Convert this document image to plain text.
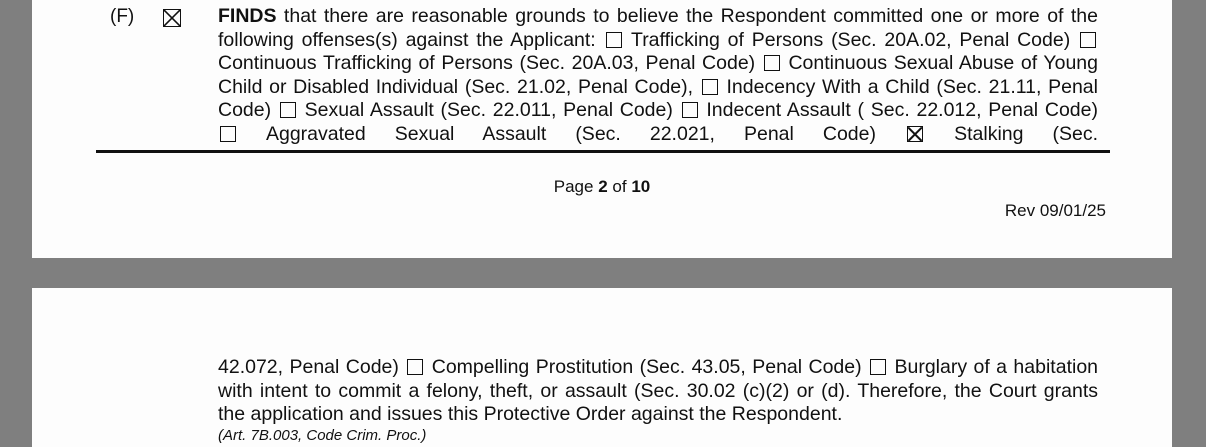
(F)	FINDS that there are reasonable grounds to believe the Respondent committed one or more of the following offenses(s) against the Applicant: Trafficking of Persons (Sec. 20A.02, Penal Code)  Continuous Trafficking of Persons (Sec. 20A.03, Penal Code) Continuous Sexual Abuse of Young Child or Disabled Individual (Sec. 21.02, Penal Code), Indecency With a Child (Sec. 21.11, Penal Code) Sexual Assault (Sec. 22.011, Penal Code) Indecent Assault ( Sec. 22.012, Penal Code)  Aggravated Sexual Assault (Sec. 22.021, Penal Code)	Stalking (Sec.
Page 2 of 10
Rev 09/01/25
42.072, Penal Code) Compelling Prostitution (Sec. 43.05, Penal Code) Burglary of a habitation with intent to commit a felony, theft, or assault (Sec. 30.02 (c)(2) or (d). Therefore, the Court grants the application and issues this Protective Order against the Respondent.
(Art. 7B.003, Code Crim. Proc.)
